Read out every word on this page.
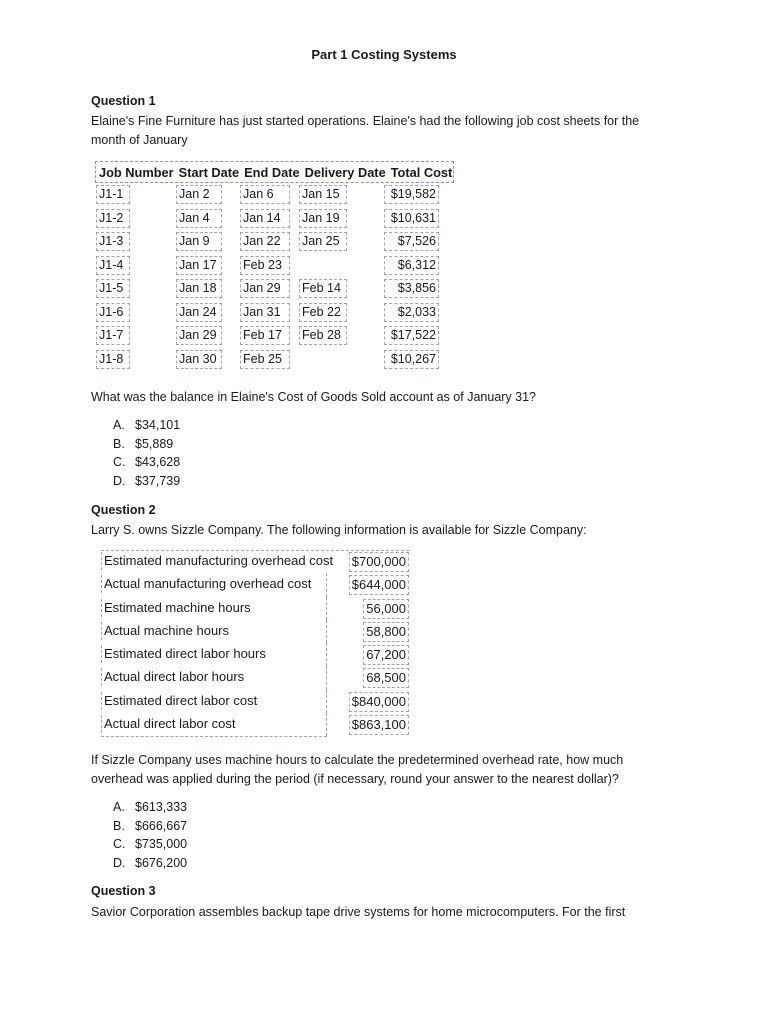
Part 1 Costing Systems
Question 1
Elaine's Fine Furniture has just started operations. Elaine's had the following job cost sheets for the month of January
Job Number Start Date End Date Delivery Date Total Cost
J1-1	Jan 2	Jan 6	Jan 15	$19,582
J1-2	Jan 4	Jan 14	Jan 19	$10,631
J1-3	Jan 9	Jan 22	Jan 25	$7,526
J1-4	Jan 17	Feb 23	$6,312
J1-5	Jan 18	Jan 29	Feb 14	$3,856
J1-6	Jan 24	Jan 31	Feb 22	$2,033
J1-7	Jan 29	Feb 17	Feb 28	$17,522
J1-8	Jan 30	Feb 25	$10,267
What was the balance in Elaine's Cost of Goods Sold account as of January 31?
A. $34,101
B. $5,889
C. $43,628
D. $37,739
Question 2
Larry S. owns Sizzle Company. The following information is available for Sizzle Company:
Estimated manufacturing overhead cost $700,000
Actual manufacturing overhead cost	$644,000
Estimated machine hours	56,000
Actual machine hours	58,800
Estimated direct labor hours	67,200
Actual direct labor hours	68,500
Estimated direct labor cost	$840,000
Actual direct labor cost	$863,100
If Sizzle Company uses machine hours to calculate the predetermined overhead rate, how much overhead was applied during the period (if necessary, round your answer to the nearest dollar)?
A. $613,333
B. $666,667
C. $735,000
D. $676,200
Question 3
Savior Corporation assembles backup tape drive systems for home microcomputers. For the first
